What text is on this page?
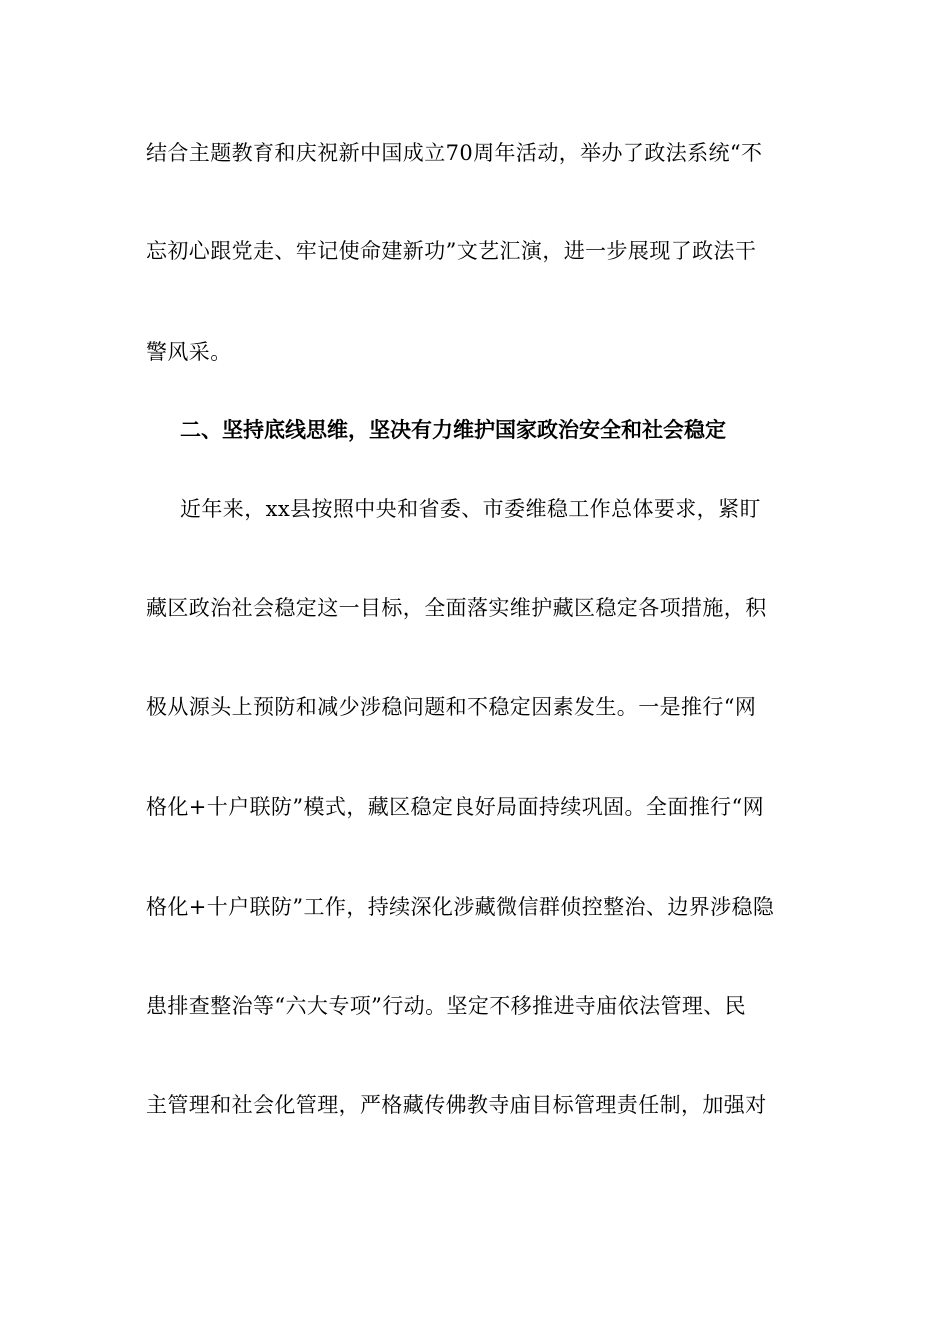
结合主题教育和庆祝新中国成立70周年活动，举办了政法系统“不
忘初心跟党走、牢记使命建新功”文艺汇演，进一步展现了政法干
警风采。
二、坚持底线思维，坚决有力维护国家政治安全和社会稳定
近年来，xx县按照中央和省委、市委维稳工作总体要求，紧盯
藏区政治社会稳定这一目标，全面落实维护藏区稳定各项措施，积
极从源头上预防和减少涉稳问题和不稳定因素发生。一是推行“网
格化+十户联防”模式，藏区稳定良好局面持续巩固。全面推行“网
格化+十户联防”工作，持续深化涉藏微信群侦控整治、边界涉稳隐
患排查整治等“六大专项”行动。坚定不移推进寺庙依法管理、民
主管理和社会化管理，严格藏传佛教寺庙目标管理责任制，加强对
